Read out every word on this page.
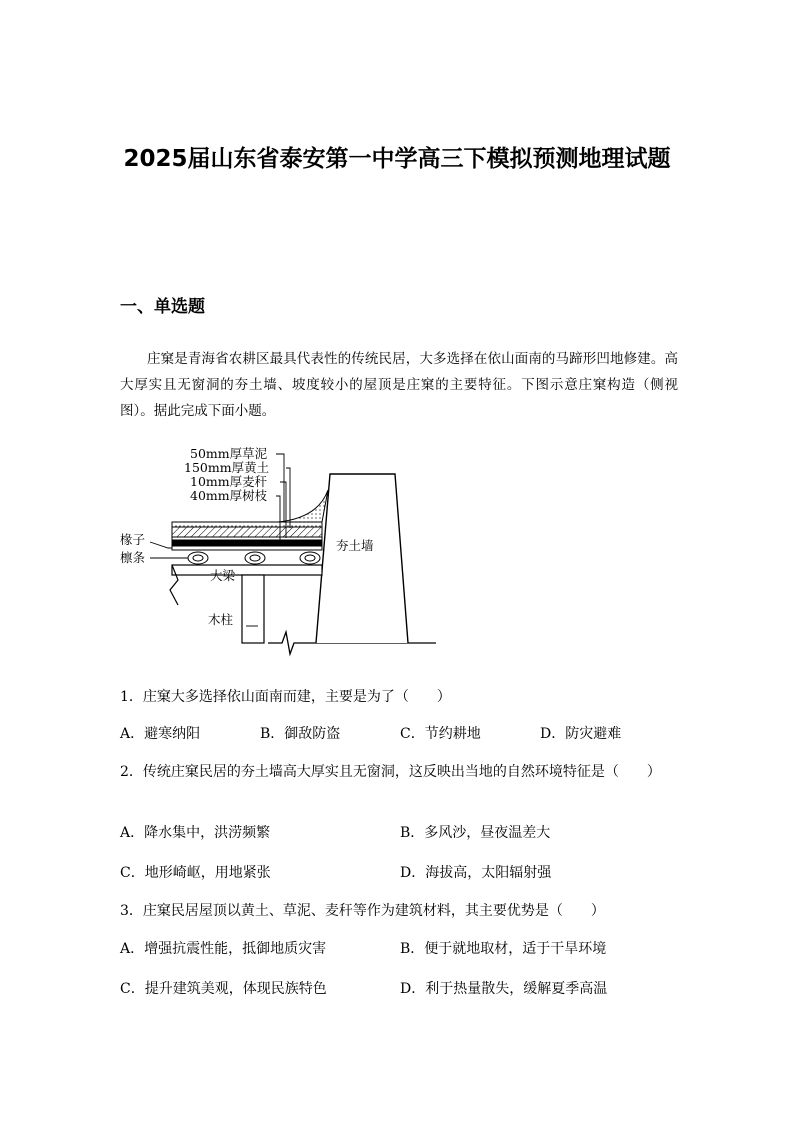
2025届山东省泰安第一中学高三下模拟预测地理试题
一、单选题

庄窠是青海省农耕区最具代表性的传统民居，大多选择在依山面南的马蹄形凹地修建。高大厚实且无窗洞的夯土墙、坡度较小的屋顶是庄窠的主要特征。下图示意庄窠构造（侧视图）。据此完成下面小题。

50mm厚草泥
150mm厚黄土
10mm厚麦秆
40mm厚树枝
椽子
檩条
大梁
木柱
夯土墙

1．庄窠大多选择依山面南而建，主要是为了（　　）

A．避寒纳阳	B．御敌防盗	C．节约耕地	D．防灾避难

2．传统庄窠民居的夯土墙高大厚实且无窗洞，这反映出当地的自然环境特征是（　　）

A．降水集中，洪涝频繁	B．多风沙，昼夜温差大
C．地形崎岖，用地紧张	D．海拔高，太阳辐射强

3．庄窠民居屋顶以黄土、草泥、麦秆等作为建筑材料，其主要优势是（　　）

A．增强抗震性能，抵御地质灾害	B．便于就地取材，适于干旱环境
C．提升建筑美观，体现民族特色	D．利于热量散失，缓解夏季高温
